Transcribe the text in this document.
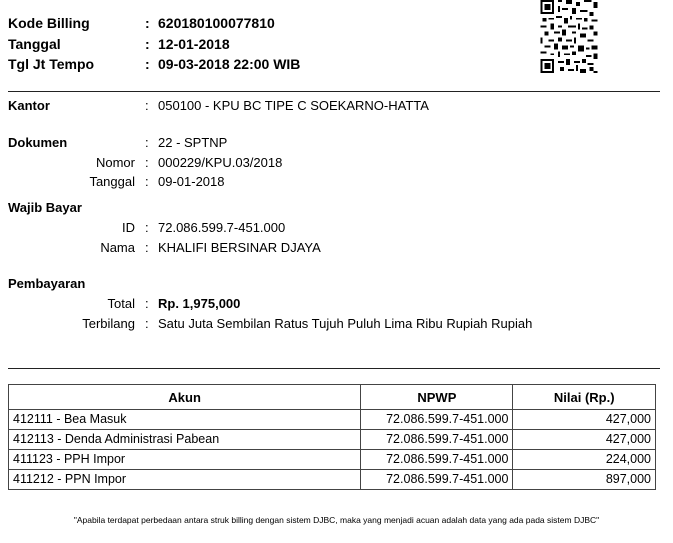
Kode Billing	: 620180100077810
Tanggal	: 12-01-2018
Tgl Jt Tempo	: 09-03-2018 22:00 WIB
Kantor	: 050100 - KPU BC TIPE C SOEKARNO-HATTA
Dokumen	: 22 - SPTNP
Nomor : 000229/KPU.03/2018
Tanggal : 09-01-2018
Wajib Bayar
ID : 72.086.599.7-451.000
Nama : KHALIFI BERSINAR DJAYA
Pembayaran
Total : Rp. 1,975,000
Terbilang : Satu Juta Sembilan Ratus Tujuh Puluh Lima Ribu Rupiah Rupiah
Akun	NPWP	Nilai (Rp.)
412111 - Bea Masuk	72.086.599.7-451.000	427,000
412113 - Denda Administrasi Pabean	72.086.599.7-451.000	427,000
411123 - PPH Impor	72.086.599.7-451.000	224,000
411212 - PPN Impor	72.086.599.7-451.000	897,000
"Apabila terdapat perbedaan antara struk billing dengan sistem DJBC, maka yang menjadi acuan adalah data yang ada pada sistem DJBC"
